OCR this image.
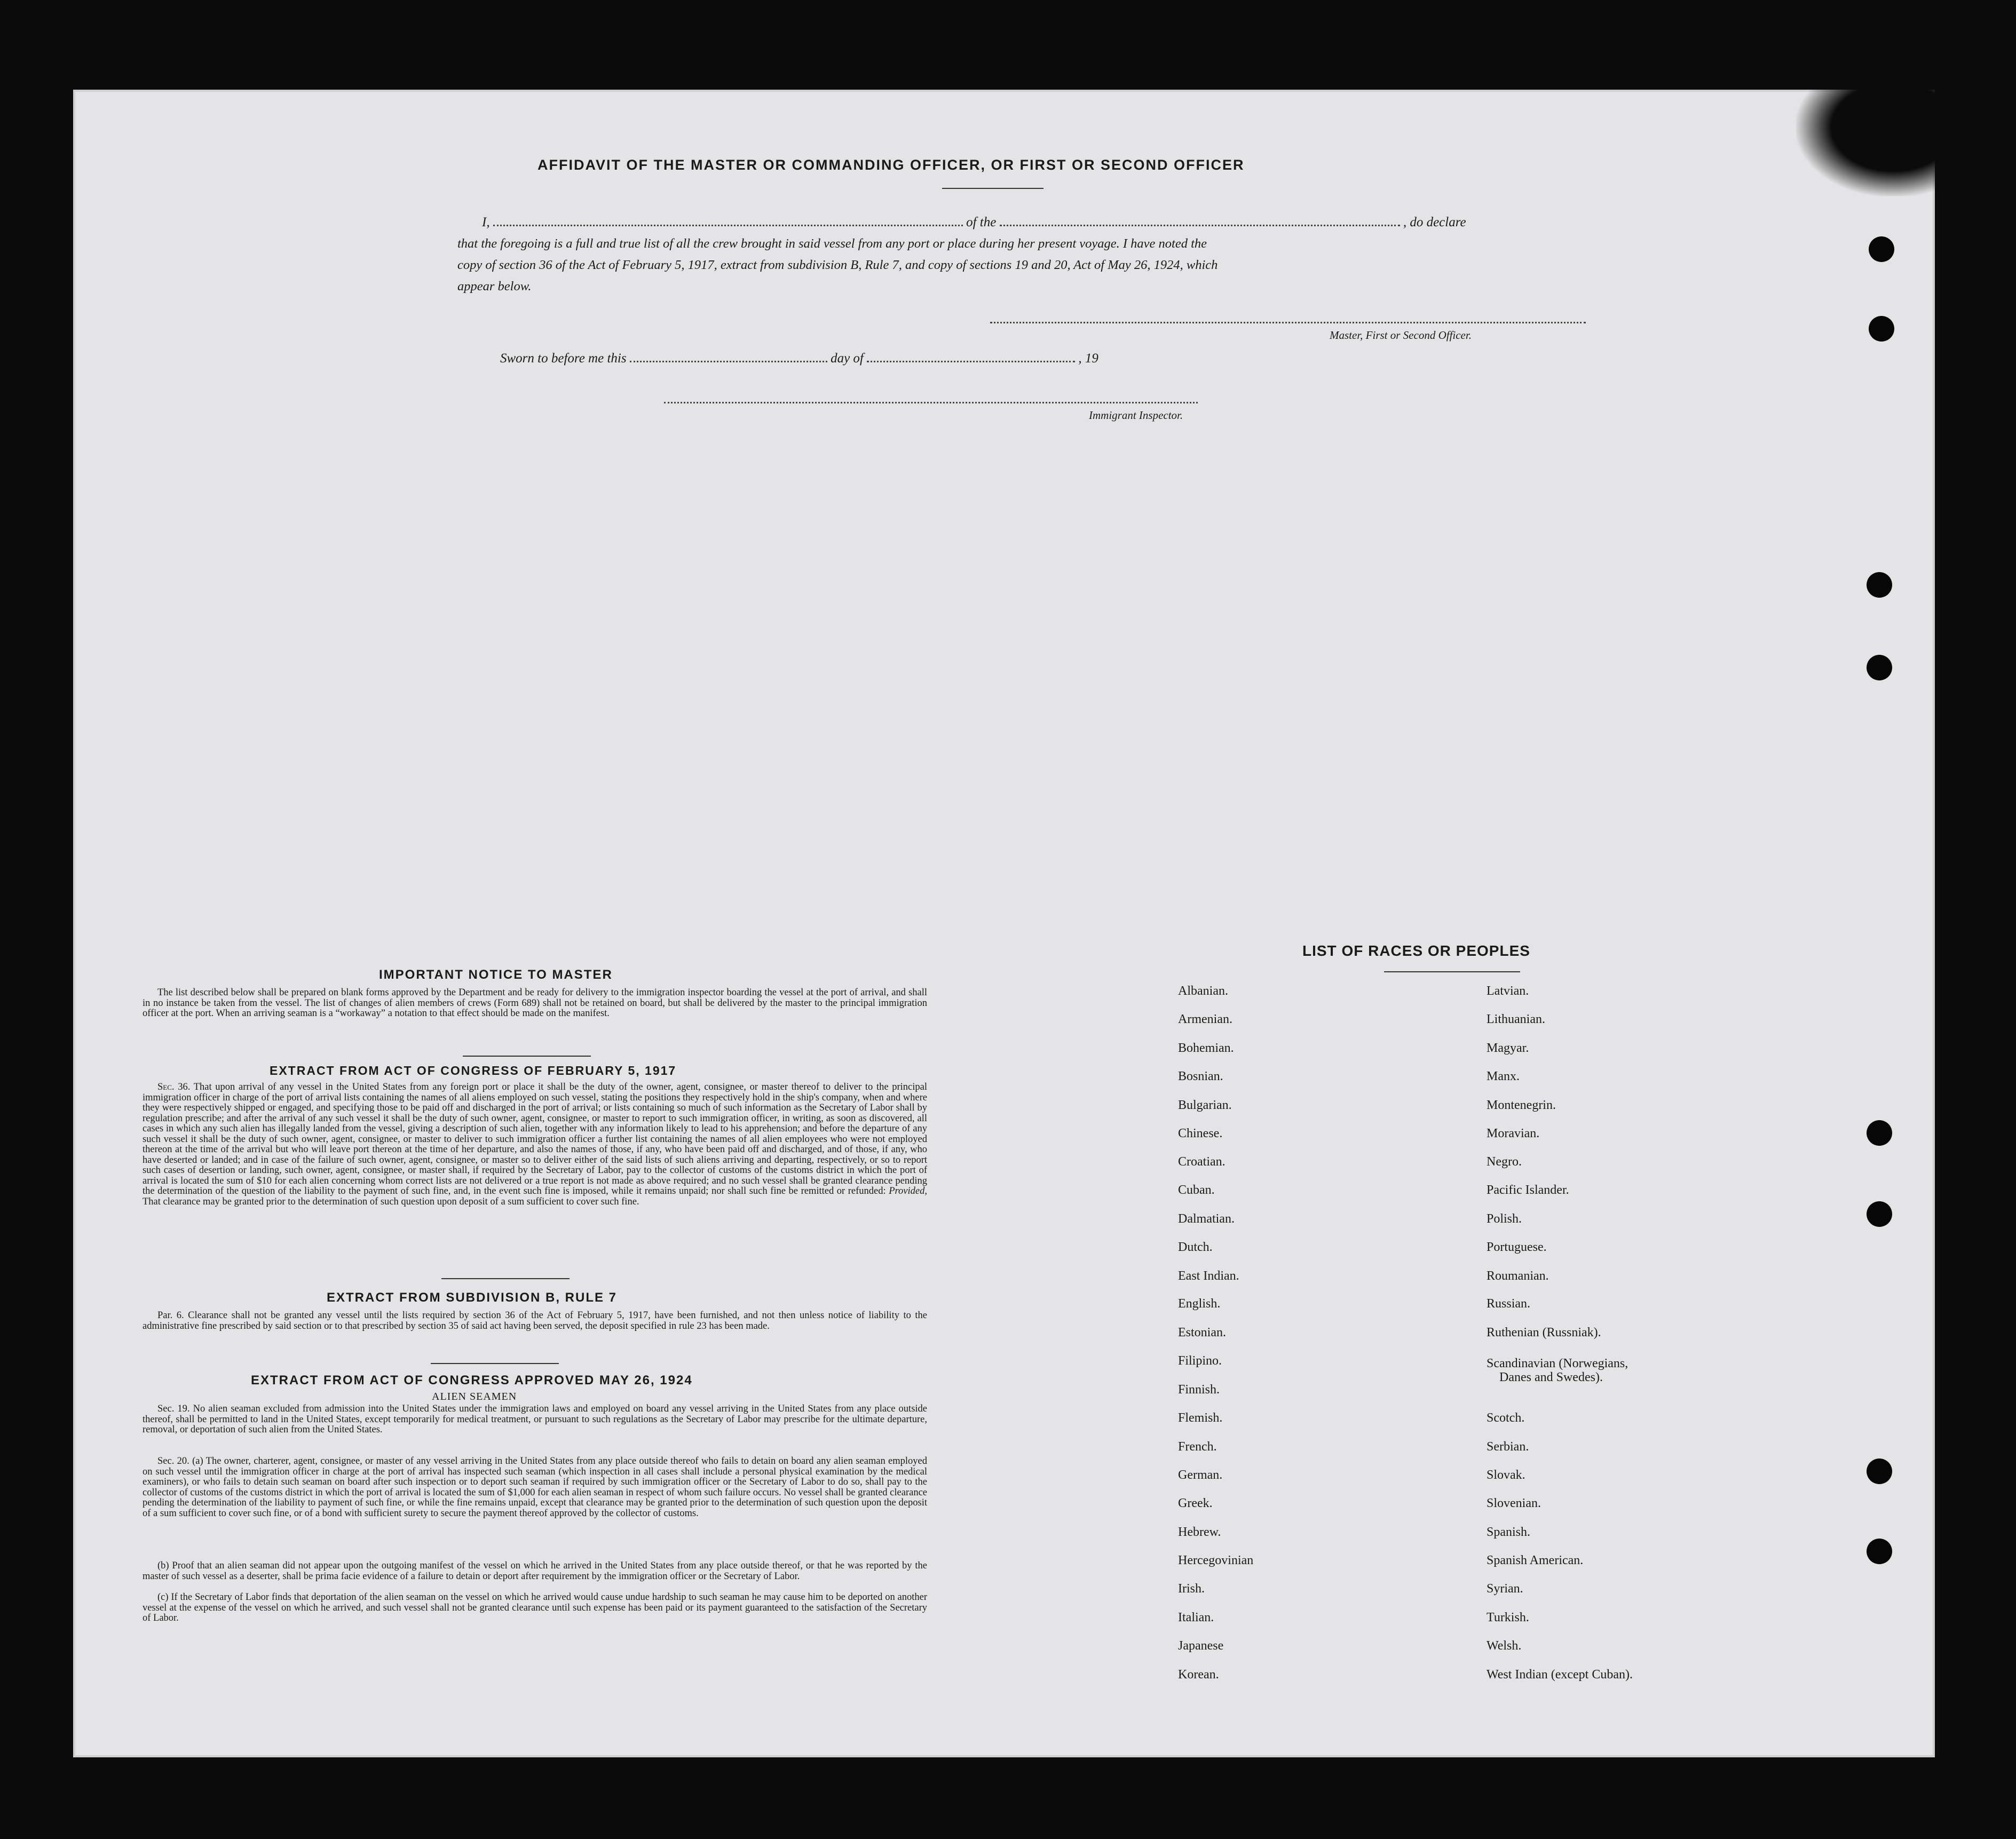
AFFIDAVIT OF THE MASTER OR COMMANDING OFFICER, OR FIRST OR SECOND OFFICER
I,	of the	, do declare
that the foregoing is a full and true list of all the crew brought in said vessel from any port or place during her present voyage. I have noted the
copy of section 36 of the Act of February 5, 1917, extract from subdivision B, Rule 7, and copy of sections 19 and 20, Act of May 26, 1924, which
appear below.
Master, First or Second Officer.
Sworn to before me this	day of	, 19
Immigrant Inspector.
IMPORTANT NOTICE TO MASTER
The list described below shall be prepared on blank forms approved by the Department and be ready for delivery to the immigration inspector boarding the vessel at the port of arrival, and shall in no instance be taken from the vessel. The list of changes of alien members of crews (Form 689) shall not be retained on board, but shall be delivered by the master to the principal immigration officer at the port. When an arriving seaman is a “workaway” a notation to that effect should be made on the manifest.
EXTRACT FROM ACT OF CONGRESS OF FEBRUARY 5, 1917
Sec. 36. That upon arrival of any vessel in the United States from any foreign port or place it shall be the duty of the owner, agent, consignee, or master thereof to deliver to the principal immigration officer in charge of the port of arrival lists containing the names of all aliens employed on such vessel, stating the positions they respectively hold in the ship's company, when and where they were respectively shipped or engaged, and specifying those to be paid off and discharged in the port of arrival; or lists containing so much of such information as the Secretary of Labor shall by regulation prescribe; and after the arrival of any such vessel it shall be the duty of such owner, agent, consignee, or master to report to such immigration officer, in writing, as soon as discovered, all cases in which any such alien has illegally landed from the vessel, giving a description of such alien, together with any information likely to lead to his apprehension; and before the departure of any such vessel it shall be the duty of such owner, agent, consignee, or master to deliver to such immigration officer a further list containing the names of all alien employees who were not employed thereon at the time of the arrival but who will leave port thereon at the time of her departure, and also the names of those, if any, who have been paid off and discharged, and of those, if any, who have deserted or landed; and in case of the failure of such owner, agent, consignee, or master so to deliver either of the said lists of such aliens arriving and departing, respectively, or so to report such cases of desertion or landing, such owner, agent, consignee, or master shall, if required by the Secretary of Labor, pay to the collector of customs of the customs district in which the port of arrival is located the sum of $10 for each alien concerning whom correct lists are not delivered or a true report is not made as above required; and no such vessel shall be granted clearance pending the determination of the question of the liability to the payment of such fine, and, in the event such fine is imposed, while it remains unpaid; nor shall such fine be remitted or refunded: Provided, That clearance may be granted prior to the determination of such question upon deposit of a sum sufficient to cover such fine.
EXTRACT FROM SUBDIVISION B, RULE 7
Par. 6. Clearance shall not be granted any vessel until the lists required by section 36 of the Act of February 5, 1917, have been furnished, and not then unless notice of liability to the administrative fine prescribed by said section or to that prescribed by section 35 of said act having been served, the deposit specified in rule 23 has been made.
EXTRACT FROM ACT OF CONGRESS APPROVED MAY 26, 1924
ALIEN SEAMEN
Sec. 19. No alien seaman excluded from admission into the United States under the immigration laws and employed on board any vessel arriving in the United States from any place outside thereof, shall be permitted to land in the United States, except temporarily for medical treatment, or pursuant to such regulations as the Secretary of Labor may prescribe for the ultimate departure, removal, or deportation of such alien from the United States.
Sec. 20. (a) The owner, charterer, agent, consignee, or master of any vessel arriving in the United States from any place outside thereof who fails to detain on board any alien seaman employed on such vessel until the immigration officer in charge at the port of arrival has inspected such seaman (which inspection in all cases shall include a personal physical examination by the medical examiners), or who fails to detain such seaman on board after such inspection or to deport such seaman if required by such immigration officer or the Secretary of Labor to do so, shall pay to the collector of customs of the customs district in which the port of arrival is located the sum of $1,000 for each alien seaman in respect of whom such failure occurs. No vessel shall be granted clearance pending the determination of the liability to payment of such fine, or while the fine remains unpaid, except that clearance may be granted prior to the determination of such question upon the deposit of a sum sufficient to cover such fine, or of a bond with sufficient surety to secure the payment thereof approved by the collector of customs.
(b) Proof that an alien seaman did not appear upon the outgoing manifest of the vessel on which he arrived in the United States from any place outside thereof, or that he was reported by the master of such vessel as a deserter, shall be prima facie evidence of a failure to detain or deport after requirement by the immigration officer or the Secretary of Labor.
(c) If the Secretary of Labor finds that deportation of the alien seaman on the vessel on which he arrived would cause undue hardship to such seaman he may cause him to be deported on another vessel at the expense of the vessel on which he arrived, and such vessel shall not be granted clearance until such expense has been paid or its payment guaranteed to the satisfaction of the Secretary of Labor.
LIST OF RACES OR PEOPLES
Albanian.
Armenian.
Bohemian.
Bosnian.
Bulgarian.
Chinese.
Croatian.
Cuban.
Dalmatian.
Dutch.
East Indian.
English.
Estonian.
Filipino.
Finnish.
Flemish.
French.
German.
Greek.
Hebrew.
Hercegovinian
Irish.
Italian.
Japanese
Korean.
Latvian.
Lithuanian.
Magyar.
Manx.
Montenegrin.
Moravian.
Negro.
Pacific Islander.
Polish.
Portuguese.
Roumanian.
Russian.
Ruthenian (Russniak).
Scandinavian (Norwegians,
Danes and Swedes).
Scotch.
Serbian.
Slovak.
Slovenian.
Spanish.
Spanish American.
Syrian.
Turkish.
Welsh.
West Indian (except Cuban).
